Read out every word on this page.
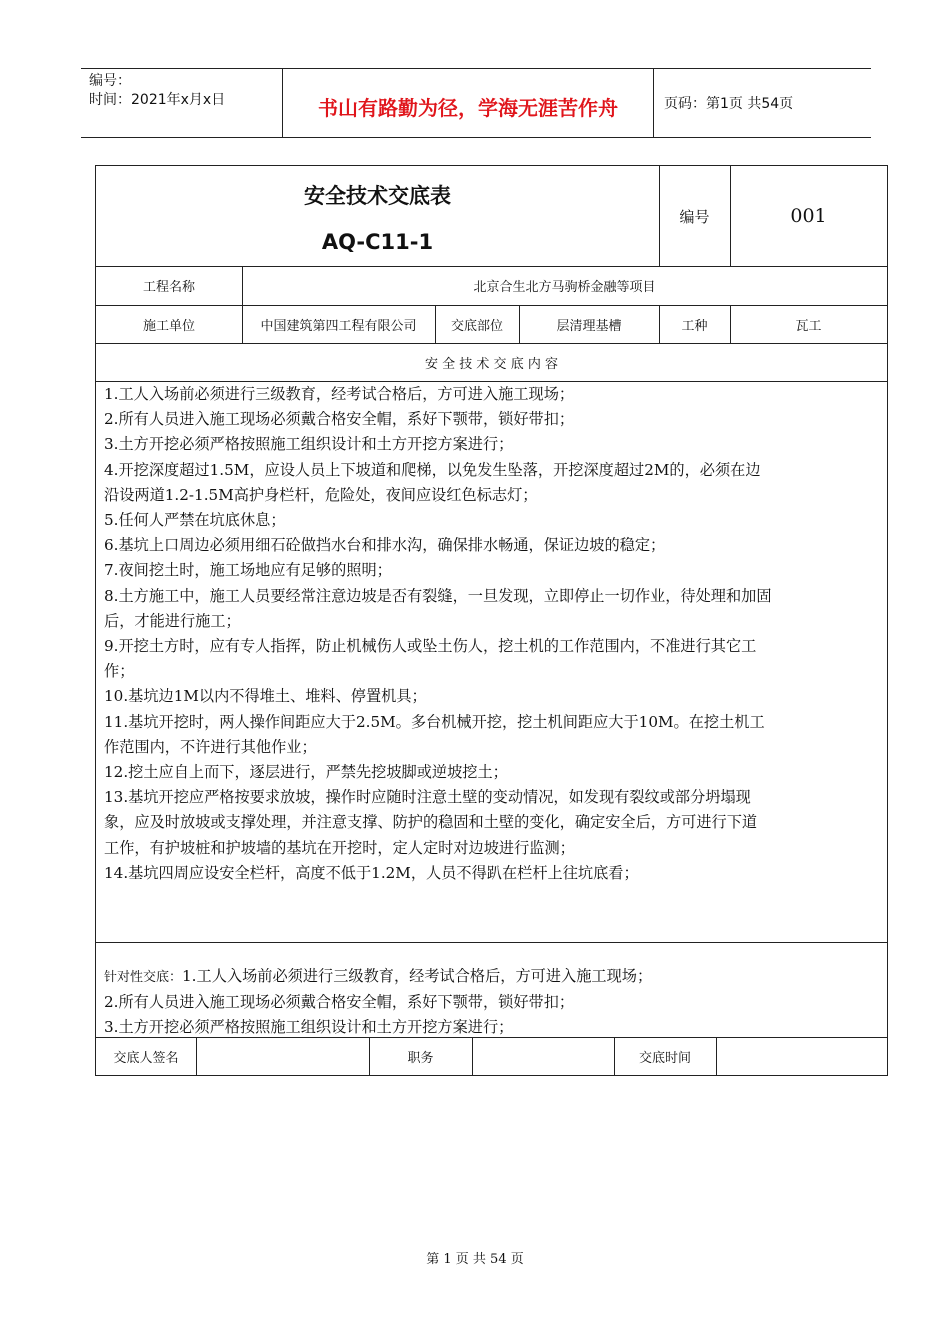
编号：
时间：2021年x月x日	书山有路勤为径，学海无涯苦作舟	页码：第1页 共54页
安全技术交底表
AQ-C11-1
编号	001
工程名称	北京合生北方马驹桥金融等项目
施工单位	中国建筑第四工程有限公司	交底部位	层清理基槽	工种	瓦工
安 全 技 术 交 底 内 容
1.工人入场前必须进行三级教育，经考试合格后，方可进入施工现场；
2.所有人员进入施工现场必须戴合格安全帽，系好下颚带，锁好带扣；
3.土方开挖必须严格按照施工组织设计和土方开挖方案进行；
4.开挖深度超过1.5M，应设人员上下坡道和爬梯，以免发生坠落，开挖深度超过2M的，必须在边
沿设两道1.2-1.5M高护身栏杆，危险处，夜间应设红色标志灯；
5.任何人严禁在坑底休息；
6.基坑上口周边必须用细石砼做挡水台和排水沟，确保排水畅通，保证边坡的稳定；
7.夜间挖土时，施工场地应有足够的照明；
8.土方施工中，施工人员要经常注意边坡是否有裂缝，一旦发现，立即停止一切作业，待处理和加固
后，才能进行施工；
9.开挖土方时，应有专人指挥，防止机械伤人或坠土伤人，挖土机的工作范围内，不准进行其它工
作；
10.基坑边1M以内不得堆土、堆料、停置机具；
11.基坑开挖时，两人操作间距应大于2.5M。多台机械开挖，挖土机间距应大于10M。在挖土机工
作范围内，不许进行其他作业；
12.挖土应自上而下，逐层进行，严禁先挖坡脚或逆坡挖土；
13.基坑开挖应严格按要求放坡，操作时应随时注意土壁的变动情况，如发现有裂纹或部分坍塌现
象，应及时放坡或支撑处理，并注意支撑、防护的稳固和土壁的变化，确定安全后，方可进行下道
工作，有护坡桩和护坡墙的基坑在开挖时，定人定时对边坡进行监测；
14.基坑四周应设安全栏杆，高度不低于1.2M，人员不得趴在栏杆上往坑底看；
针对性交底：1.工人入场前必须进行三级教育，经考试合格后，方可进入施工现场；
2.所有人员进入施工现场必须戴合格安全帽，系好下颚带，锁好带扣；
3.土方开挖必须严格按照施工组织设计和土方开挖方案进行；
交底人签名	职务	交底时间
第 1 页 共 54 页
